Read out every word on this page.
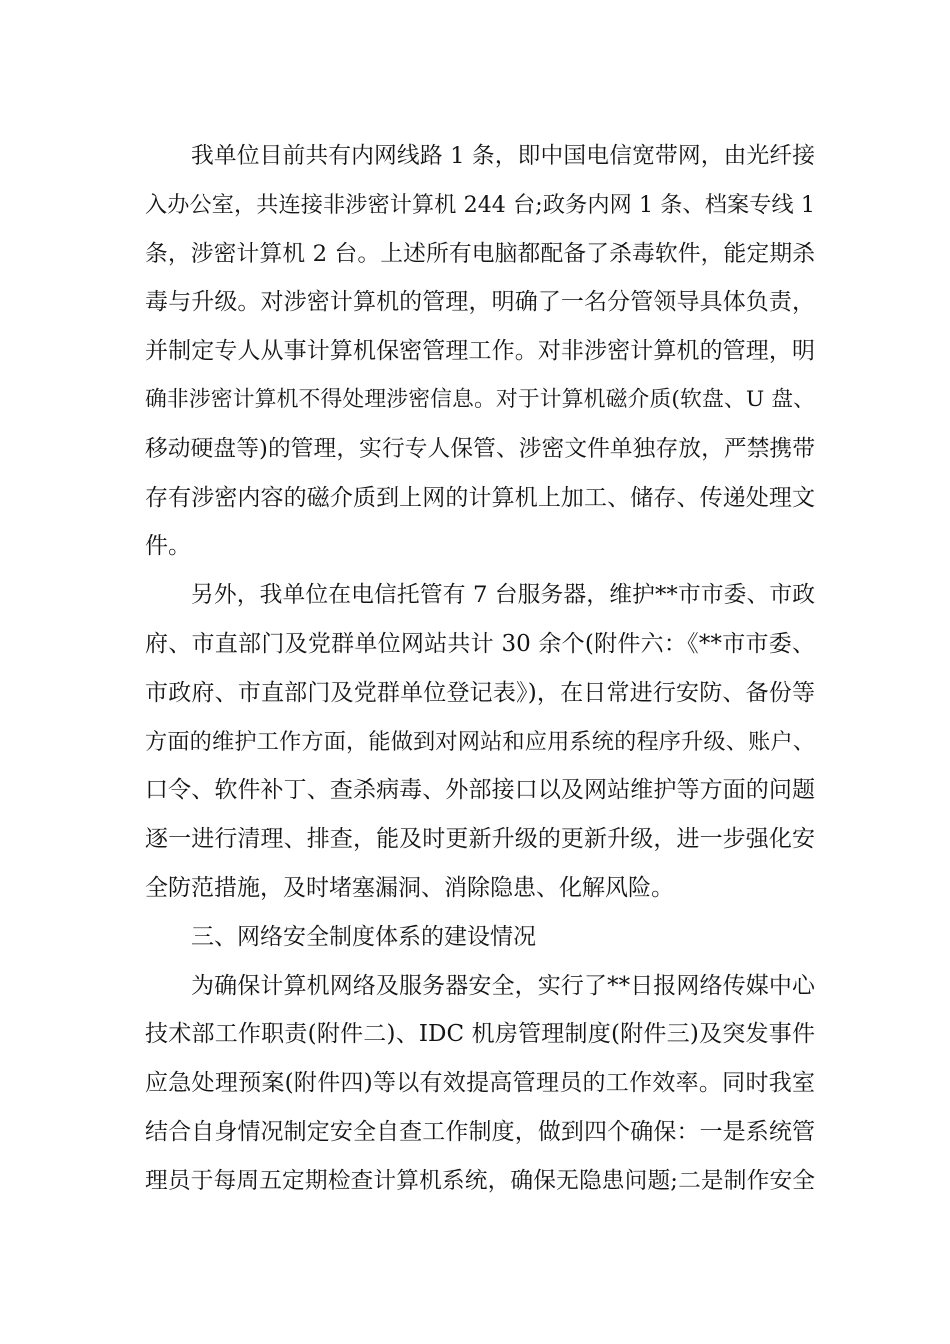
我单位目前共有内网线路 1 条，即中国电信宽带网，由光纤接
入办公室，共连接非涉密计算机 244 台;政务内网 1 条、档案专线 1
条，涉密计算机 2 台。上述所有电脑都配备了杀毒软件，能定期杀
毒与升级。对涉密计算机的管理，明确了一名分管领导具体负责，
并制定专人从事计算机保密管理工作。对非涉密计算机的管理，明
确非涉密计算机不得处理涉密信息。对于计算机磁介质(软盘、U 盘、
移动硬盘等)的管理，实行专人保管、涉密文件单独存放，严禁携带
存有涉密内容的磁介质到上网的计算机上加工、储存、传递处理文
件。
另外，我单位在电信托管有 7 台服务器，维护**市市委、市政
府、市直部门及党群单位网站共计 30 余个(附件六：《**市市委、
市政府、市直部门及党群单位登记表》)，在日常进行安防、备份等
方面的维护工作方面，能做到对网站和应用系统的程序升级、账户、
口令、软件补丁、查杀病毒、外部接口以及网站维护等方面的问题
逐一进行清理、排查，能及时更新升级的更新升级，进一步强化安
全防范措施，及时堵塞漏洞、消除隐患、化解风险。
三、网络安全制度体系的建设情况
为确保计算机网络及服务器安全，实行了**日报网络传媒中心
技术部工作职责(附件二)、IDC 机房管理制度(附件三)及突发事件
应急处理预案(附件四)等以有效提高管理员的工作效率。同时我室
结合自身情况制定安全自查工作制度，做到四个确保：一是系统管
理员于每周五定期检查计算机系统，确保无隐患问题;二是制作安全
